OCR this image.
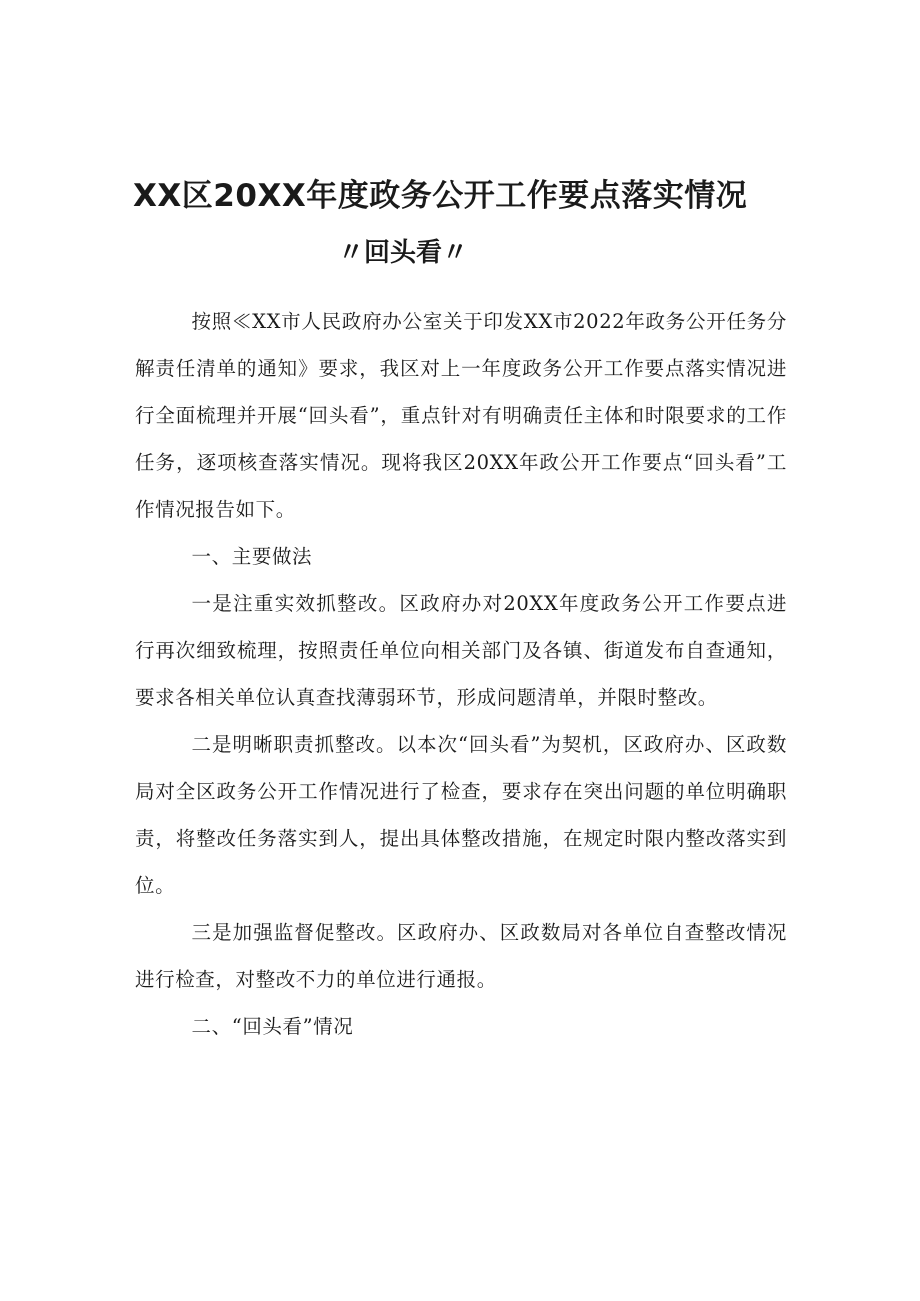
XX区20XX年度政务公开工作要点落实情况
〃回头看〃

按照≪XX市人民政府办公室关于印发XX市2022年政务公开任务分解责任清单的通知》要求，我区对上一年度政务公开工作要点落实情况进行全面梳理并开展“回头看”，重点针对有明确责任主体和时限要求的工作任务，逐项核查落实情况。现将我区20XX年政公开工作要点“回头看”工作情况报告如下。

一、主要做法

一是注重实效抓整改。区政府办对20XX年度政务公开工作要点进行再次细致梳理，按照责任单位向相关部门及各镇、街道发布自查通知，要求各相关单位认真查找薄弱环节，形成问题清单，并限时整改。

二是明晰职责抓整改。以本次“回头看”为契机，区政府办、区政数局对全区政务公开工作情况进行了检查，要求存在突出问题的单位明确职责，将整改任务落实到人，提出具体整改措施，在规定时限内整改落实到位。

三是加强监督促整改。区政府办、区政数局对各单位自查整改情况进行检查，对整改不力的单位进行通报。

二、“回头看”情况
